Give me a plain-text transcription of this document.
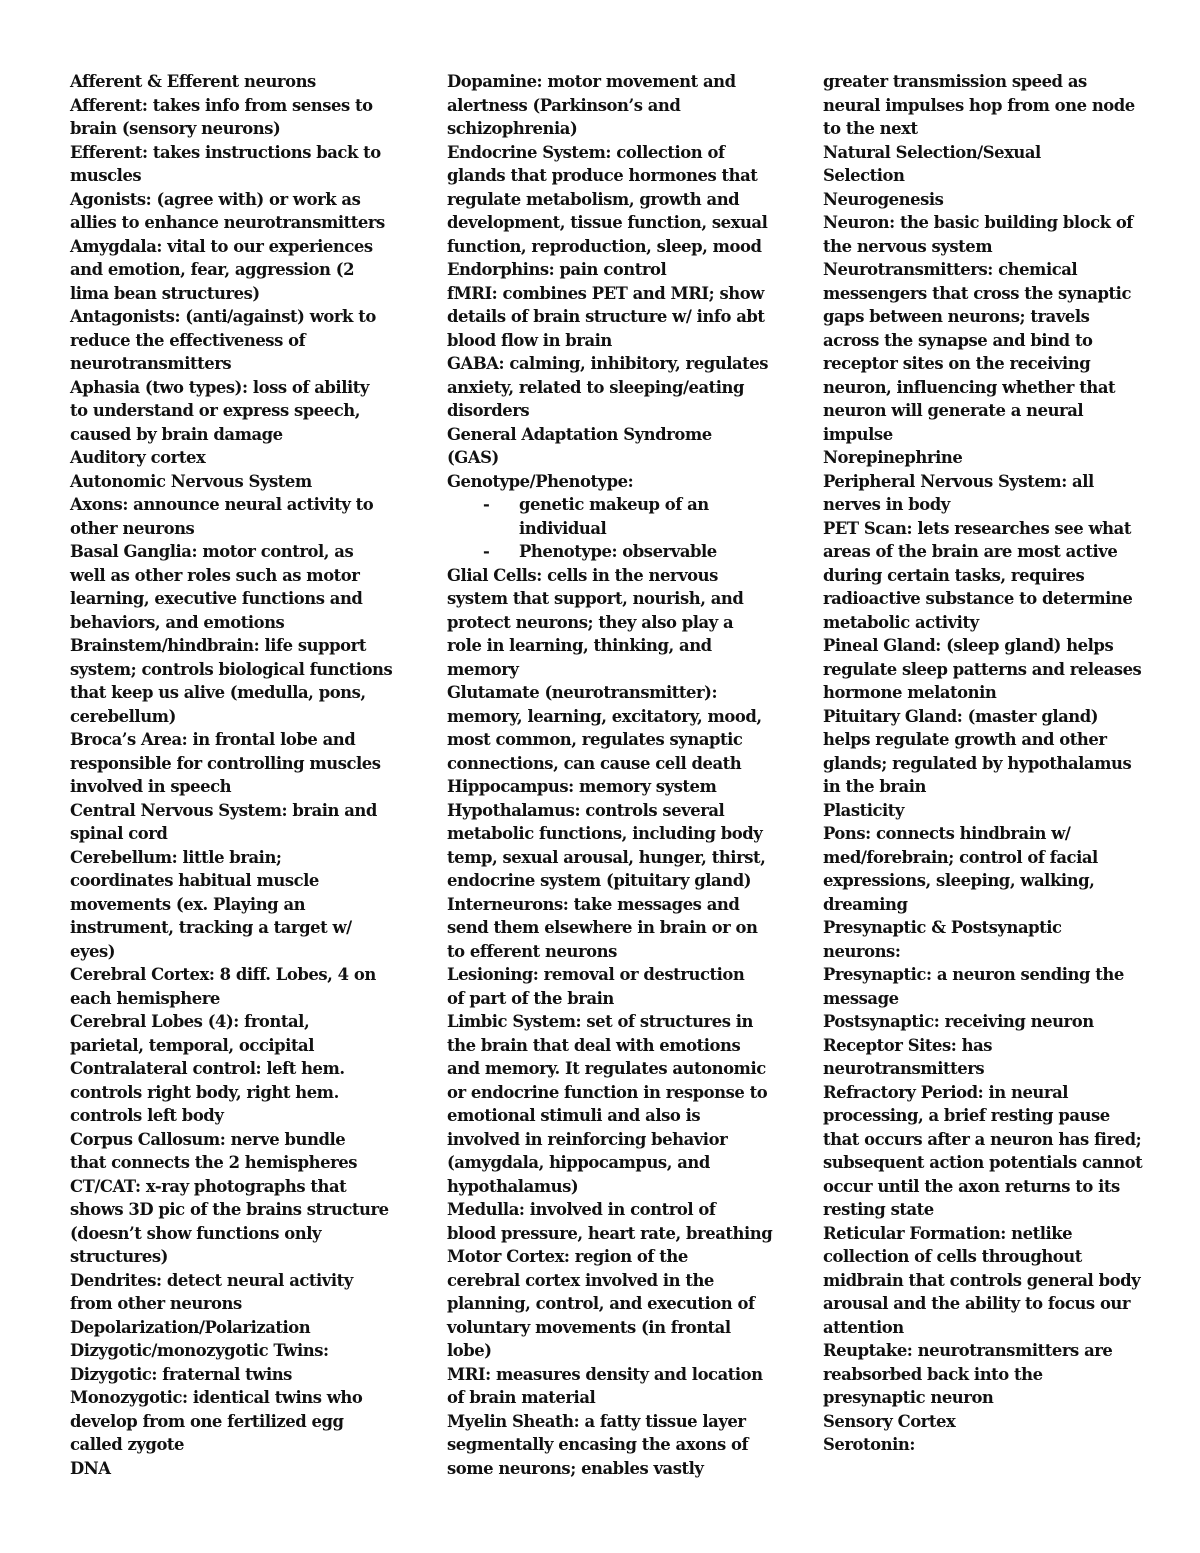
Afferent & Efferent neurons
Afferent: takes info from senses to
brain (sensory neurons)
Efferent: takes instructions back to
muscles
Agonists: (agree with) or work as
allies to enhance neurotransmitters
Amygdala: vital to our experiences
and emotion, fear, aggression (2
lima bean structures)
Antagonists: (anti/against) work to
reduce the effectiveness of
neurotransmitters
Aphasia (two types): loss of ability
to understand or express speech,
caused by brain damage
Auditory cortex
Autonomic Nervous System
Axons: announce neural activity to
other neurons
Basal Ganglia: motor control, as
well as other roles such as motor
learning, executive functions and
behaviors, and emotions
Brainstem/hindbrain: life support
system; controls biological functions
that keep us alive (medulla, pons,
cerebellum)
Broca’s Area: in frontal lobe and
responsible for controlling muscles
involved in speech
Central Nervous System: brain and
spinal cord
Cerebellum: little brain;
coordinates habitual muscle
movements (ex. Playing an
instrument, tracking a target w/
eyes)
Cerebral Cortex: 8 diff. Lobes, 4 on
each hemisphere
Cerebral Lobes (4): frontal,
parietal, temporal, occipital
Contralateral control: left hem.
controls right body, right hem.
controls left body
Corpus Callosum: nerve bundle
that connects the 2 hemispheres
CT/CAT: x-ray photographs that
shows 3D pic of the brains structure
(doesn’t show functions only
structures)
Dendrites: detect neural activity
from other neurons
Depolarization/Polarization
Dizygotic/monozygotic Twins:
Dizygotic: fraternal twins
Monozygotic: identical twins who
develop from one fertilized egg
called zygote
DNA
Dopamine: motor movement and
alertness (Parkinson’s and
schizophrenia)
Endocrine System: collection of
glands that produce hormones that
regulate metabolism, growth and
development, tissue function, sexual
function, reproduction, sleep, mood
Endorphins: pain control
fMRI: combines PET and MRI; show
details of brain structure w/ info abt
blood flow in brain
GABA: calming, inhibitory, regulates
anxiety, related to sleeping/eating
disorders
General Adaptation Syndrome
(GAS)
Genotype/Phenotype:
- genetic makeup of an
individual
- Phenotype: observable
Glial Cells: cells in the nervous
system that support, nourish, and
protect neurons; they also play a
role in learning, thinking, and
memory
Glutamate (neurotransmitter):
memory, learning, excitatory, mood,
most common, regulates synaptic
connections, can cause cell death
Hippocampus: memory system
Hypothalamus: controls several
metabolic functions, including body
temp, sexual arousal, hunger, thirst,
endocrine system (pituitary gland)
Interneurons: take messages and
send them elsewhere in brain or on
to efferent neurons
Lesioning: removal or destruction
of part of the brain
Limbic System: set of structures in
the brain that deal with emotions
and memory. It regulates autonomic
or endocrine function in response to
emotional stimuli and also is
involved in reinforcing behavior
(amygdala, hippocampus, and
hypothalamus)
Medulla: involved in control of
blood pressure, heart rate, breathing
Motor Cortex: region of the
cerebral cortex involved in the
planning, control, and execution of
voluntary movements (in frontal
lobe)
MRI: measures density and location
of brain material
Myelin Sheath: a fatty tissue layer
segmentally encasing the axons of
some neurons; enables vastly
greater transmission speed as
neural impulses hop from one node
to the next
Natural Selection/Sexual
Selection
Neurogenesis
Neuron: the basic building block of
the nervous system
Neurotransmitters: chemical
messengers that cross the synaptic
gaps between neurons; travels
across the synapse and bind to
receptor sites on the receiving
neuron, influencing whether that
neuron will generate a neural
impulse
Norepinephrine
Peripheral Nervous System: all
nerves in body
PET Scan: lets researches see what
areas of the brain are most active
during certain tasks, requires
radioactive substance to determine
metabolic activity
Pineal Gland: (sleep gland) helps
regulate sleep patterns and releases
hormone melatonin
Pituitary Gland: (master gland)
helps regulate growth and other
glands; regulated by hypothalamus
in the brain
Plasticity
Pons: connects hindbrain w/
med/forebrain; control of facial
expressions, sleeping, walking,
dreaming
Presynaptic & Postsynaptic
neurons:
Presynaptic: a neuron sending the
message
Postsynaptic: receiving neuron
Receptor Sites: has
neurotransmitters
Refractory Period: in neural
processing, a brief resting pause
that occurs after a neuron has fired;
subsequent action potentials cannot
occur until the axon returns to its
resting state
Reticular Formation: netlike
collection of cells throughout
midbrain that controls general body
arousal and the ability to focus our
attention
Reuptake: neurotransmitters are
reabsorbed back into the
presynaptic neuron
Sensory Cortex
Serotonin:
